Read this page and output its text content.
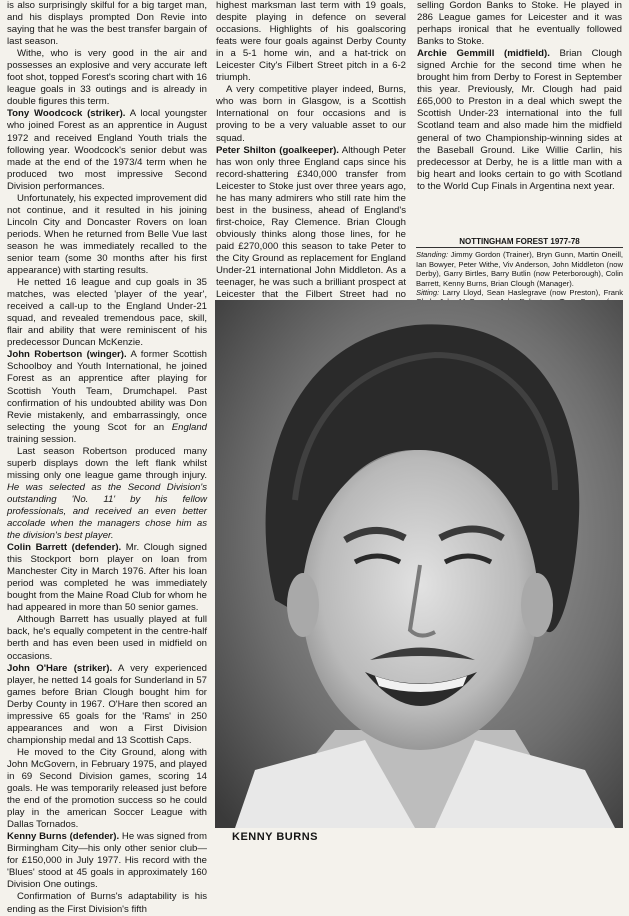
is also surprisingly skilful for a big target man, and his displays prompted Don Revie into saying that he was the best transfer bargain of last season.

Withe, who is very good in the air and possesses an explosive and very accurate left foot shot, topped Forest's scoring chart with 16 league goals in 33 outings and is already in double figures this term.

Tony Woodcock (striker). A local youngster who joined Forest as an apprentice in August 1972 and received England Youth trials the following year. Woodcock's senior debut was made at the end of the 1973/4 term when he produced two most impressive Second Division performances.

Unfortunately, his expected improvement did not continue, and it resulted in his joining Lincoln City and Doncaster Rovers on loan periods. When he returned from Belle Vue last season he was immediately recalled to the senior team (some 30 months after his first appearance) with starting results.

He netted 16 league and cup goals in 35 matches, was elected 'player of the year', received a call-up to the England Under-21 squad, and revealed tremendous pace, skill, flair and ability that were reminiscent of his predecessor Duncan McKenzie.

John Robertson (winger). A former Scottish Schoolboy and Youth International, he joined Forest as an apprentice after playing for Scottish Youth Team, Drumchapel. Past confirmation of his undoubted ability was Don Revie mistakenly, and embarrassingly, once selecting the young Scot for an England training session.

Last season Robertson produced many superb displays down the left flank whilst missing only one league game through injury. He was selected as the Second Division's outstanding 'No. 11' by his fellow professionals, and received an even better accolade when the managers chose him as the division's best player.

Colin Barrett (defender). Mr. Clough signed this Stockport born player on loan from Manchester City in March 1976. After his loan period was completed he was immediately bought from the Maine Road Club for whom he had appeared in more than 50 senior games.

Although Barrett has usually played at full back, he's equally competent in the centre-half berth and has even been used in midfield on occasions.

John O'Hare (striker). A very experienced player, he netted 14 goals for Sunderland in 57 games before Brian Clough bought him for Derby County in 1967. O'Hare then scored an impressive 65 goals for the 'Rams' in 250 appearances and won a First Division championship medal and 13 Scottish Caps.

He moved to the City Ground, along with John McGovern, in February 1975, and played in 69 Second Division games, scoring 14 goals. He was temporarily released just before the end of the promotion success so he could play in the american Soccer League with Dallas Tornados.

Kenny Burns (defender). He was signed from Birmingham City—his only other senior club—for £150,000 in July 1977. His record with the 'Blues' stood at 45 goals in approximately 160 Division One outings.

Confirmation of Burns's adaptability is his ending as the First Division's fifth

highest marksman last term with 19 goals, despite playing in defence on several occasions. Highlights of his goalscoring feats were four goals against Derby County in a 5-1 home win, and a hat-trick on Leicester City's Filbert Street pitch in a 6-2 triumph.

A very competitive player indeed, Burns, who was born in Glasgow, is a Scottish International on four occasions and is proving to be a very valuable asset to our squad.

Peter Shilton (goalkeeper). Although Peter has won only three England caps since his record-shattering £340,000 transfer from Leicester to Stoke just over three years ago, he has many admirers who still rate him the best in the business, ahead of England's first-choice, Ray Clemence. Brian Clough obviously thinks along those lines, for he paid £270,000 this season to take Peter to the City Ground as replacement for England Under-21 international John Middleton. As a teenager, he was such a brilliant prospect at Leicester that the Filbert Street had no

selling Gordon Banks to Stoke. He played in 286 League games for Leicester and it was perhaps ironical that he eventually followed Banks to Stoke.

Archie Gemmill (midfield). Brian Clough signed Archie for the second time when he brought him from Derby to Forest in September this year. Previously, Mr. Clough had paid £65,000 to Preston in a deal which swept the Scottish Under-23 international into the full Scotland team and also made him the midfield general of two Championship-winning sides at the Baseball Ground. Like Willie Carlin, his predecessor at Derby, he is a little man with a big heart and looks certain to go with Scotland to the World Cup Finals in Argentina next year.

NOTTINGHAM FOREST 1977-78

Standing: Jimmy Gordon (Trainer), Bryn Gunn, Martin Oneill, Ian Bowyer, Peter Withe, Viv Anderson, John Middleton (now Derby), Garry Birtles, Barry Butlin (now Peterborough), Colin Barrett, Kenny Burns, Brian Clough (Manager).

Sitting: Larry Lloyd, Sean Haslegrave (now Preston), Frank

KENNY BURNS
